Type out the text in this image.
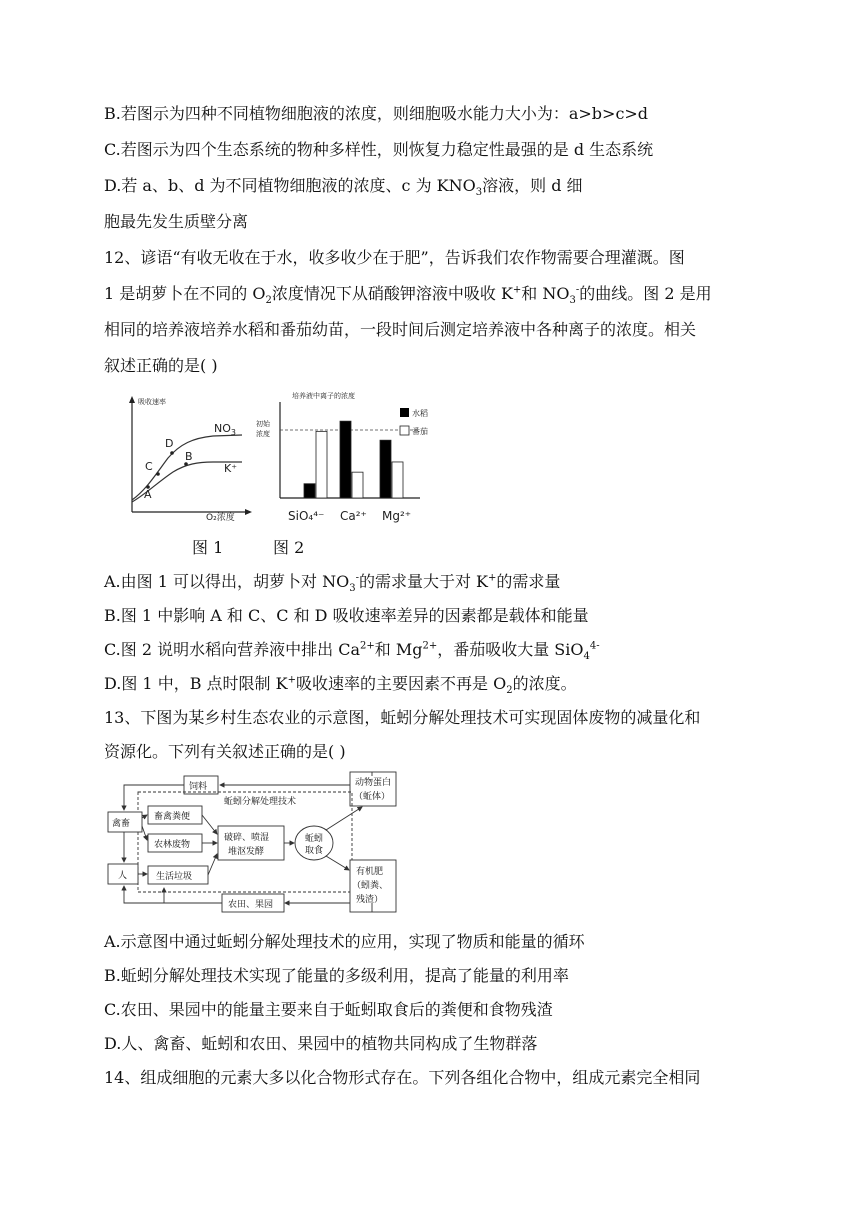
B.若图示为四种不同植物细胞液的浓度，则细胞吸水能力大小为：a>b>c>d
C.若图示为四个生态系统的物种多样性，则恢复力稳定性最强的是 d 生态系统
D.若 a、b、d 为不同植物细胞液的浓度、c 为 $KNO_3$溶液，则 d 细
胞最先发生质壁分离
12、谚语“有收无收在于水，收多收少在于肥”，告诉我们农作物需要合理灌溉。图
1 是胡萝卜在不同的 $O_2$浓度情况下从硝酸钾溶液中吸收 K+和 $NO_3^-$的曲线。图 2 是用
相同的培养液培养水稻和番茄幼苗，一段时间后测定培养液中各种离子的浓度。相关
叙述正确的是( )
吸收速率
O₂浓度
A
C
D
B
$NO_3$
K⁺
培养液中离子的浓度
初始
浓度
水稻
番茄
SiO₄⁴⁻ Ca²⁺ Mg²⁺
图 1	图 2
A.由图 1 可以得出，胡萝卜对 $NO_3^-$的需求量大于对 K+的需求量
B.图 1 中影响 A 和 C、C 和 D 吸收速率差异的因素都是载体和能量
C.图 2 说明水稻向营养液中排出 $Ca^{2+}$和 $Mg^{2+}$，番茄吸收大量 SiO$_4^{4-}$
D.图 1 中，B 点时限制 K+吸收速率的主要因素不再是 $O_2$的浓度。
13、下图为某乡村生态农业的示意图，蚯蚓分解处理技术可实现固体废物的减量化和
资源化。下列有关叙述正确的是( )
饲料	动物蛋白
（蚯体）
蚯蚓分解处理技术
禽畜
畜禽粪便
农林废物
人	生活垃圾
破碎、喷湿
堆沤发酵
蚯蚓
取食
有机肥
（蚓粪、
残渣）
农田、果园
A.示意图中通过蚯蚓分解处理技术的应用，实现了物质和能量的循环
B.蚯蚓分解处理技术实现了能量的多级利用，提高了能量的利用率
C.农田、果园中的能量主要来自于蚯蚓取食后的粪便和食物残渣
D.人、禽畜、蚯蚓和农田、果园中的植物共同构成了生物群落
14、组成细胞的元素大多以化合物形式存在。下列各组化合物中，组成元素完全相同
